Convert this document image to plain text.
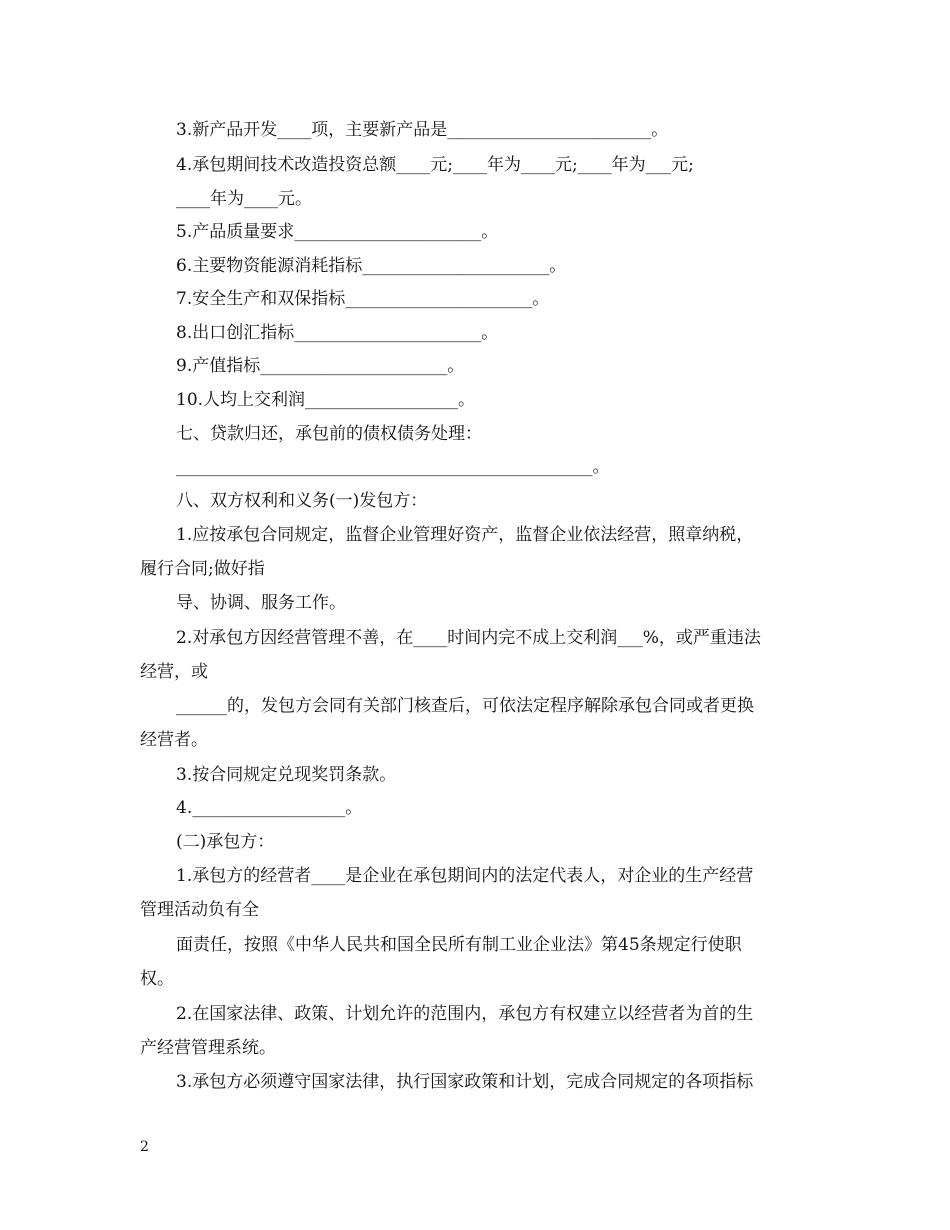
3.新产品开发____项，主要新产品是________________________。
4.承包期间技术改造投资总额____元;____年为____元;____年为___元;
____年为____元。
5.产品质量要求______________________。
6.主要物资能源消耗指标______________________。
7.安全生产和双保指标______________________。
8.出口创汇指标______________________。
9.产值指标______________________。
10.人均上交利润__________________。
七、贷款归还，承包前的债权债务处理：
_________________________________________________。
八、双方权利和义务(一)发包方：
1.应按承包合同规定，监督企业管理好资产，监督企业依法经营，照章纳税，
履行合同;做好指
导、协调、服务工作。
2.对承包方因经营管理不善，在____时间内完不成上交利润___%，或严重违法
经营，或
______的，发包方会同有关部门核查后，可依法定程序解除承包合同或者更换
经营者。
3.按合同规定兑现奖罚条款。
4.__________________。
(二)承包方：
1.承包方的经营者____是企业在承包期间内的法定代表人，对企业的生产经营
管理活动负有全
面责任，按照《中华人民共和国全民所有制工业企业法》第45条规定行使职
权。
2.在国家法律、政策、计划允许的范围内，承包方有权建立以经营者为首的生
产经营管理系统。
3.承包方必须遵守国家法律，执行国家政策和计划，完成合同规定的各项指标
2
